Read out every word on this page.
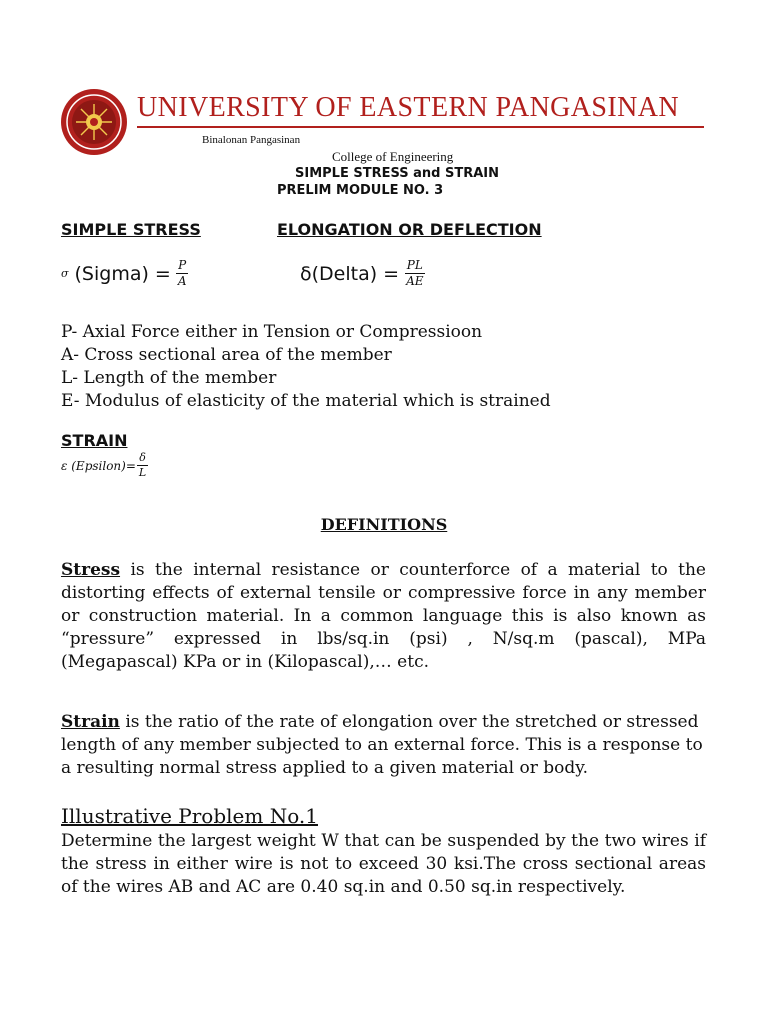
UNIVERSITY OF EASTERN PANGASINAN
Binalonan Pangasinan
College of Engineering
SIMPLE STRESS and STRAIN
PRELIM MODULE NO. 3
SIMPLE STRESS	ELONGATION OR DEFLECTION
σ (Sigma) = $\frac{P}{A}$	δ(Delta) = $\frac{PL}{AE}$
P- Axial Force either in Tension or Compressioon
A- Cross sectional area of the member
L- Length of the member
E- Modulus of elasticity of the material which is strained
STRAIN
ε (Epsilon)= $\frac{\delta}{L}$
DEFINITIONS
Stress is the internal resistance or counterforce of a material to the distorting effects of external tensile or compressive force in any member or construction material. In a common language this is also known as “pressure” expressed in lbs/sq.in (psi) , N/sq.m (pascal), MPa (Megapascal) KPa or in (Kilopascal),… etc.
Strain is the ratio of the rate of elongation over the stretched or stressed length of any member subjected to an external force. This is a response to a resulting normal stress applied to a given material or body.
Illustrative Problem No.1
Determine the largest weight W that can be suspended by the two wires if the stress in either wire is not to exceed 30 ksi.The cross sectional areas of the wires AB and AC are 0.40 sq.in and 0.50 sq.in respectively.
